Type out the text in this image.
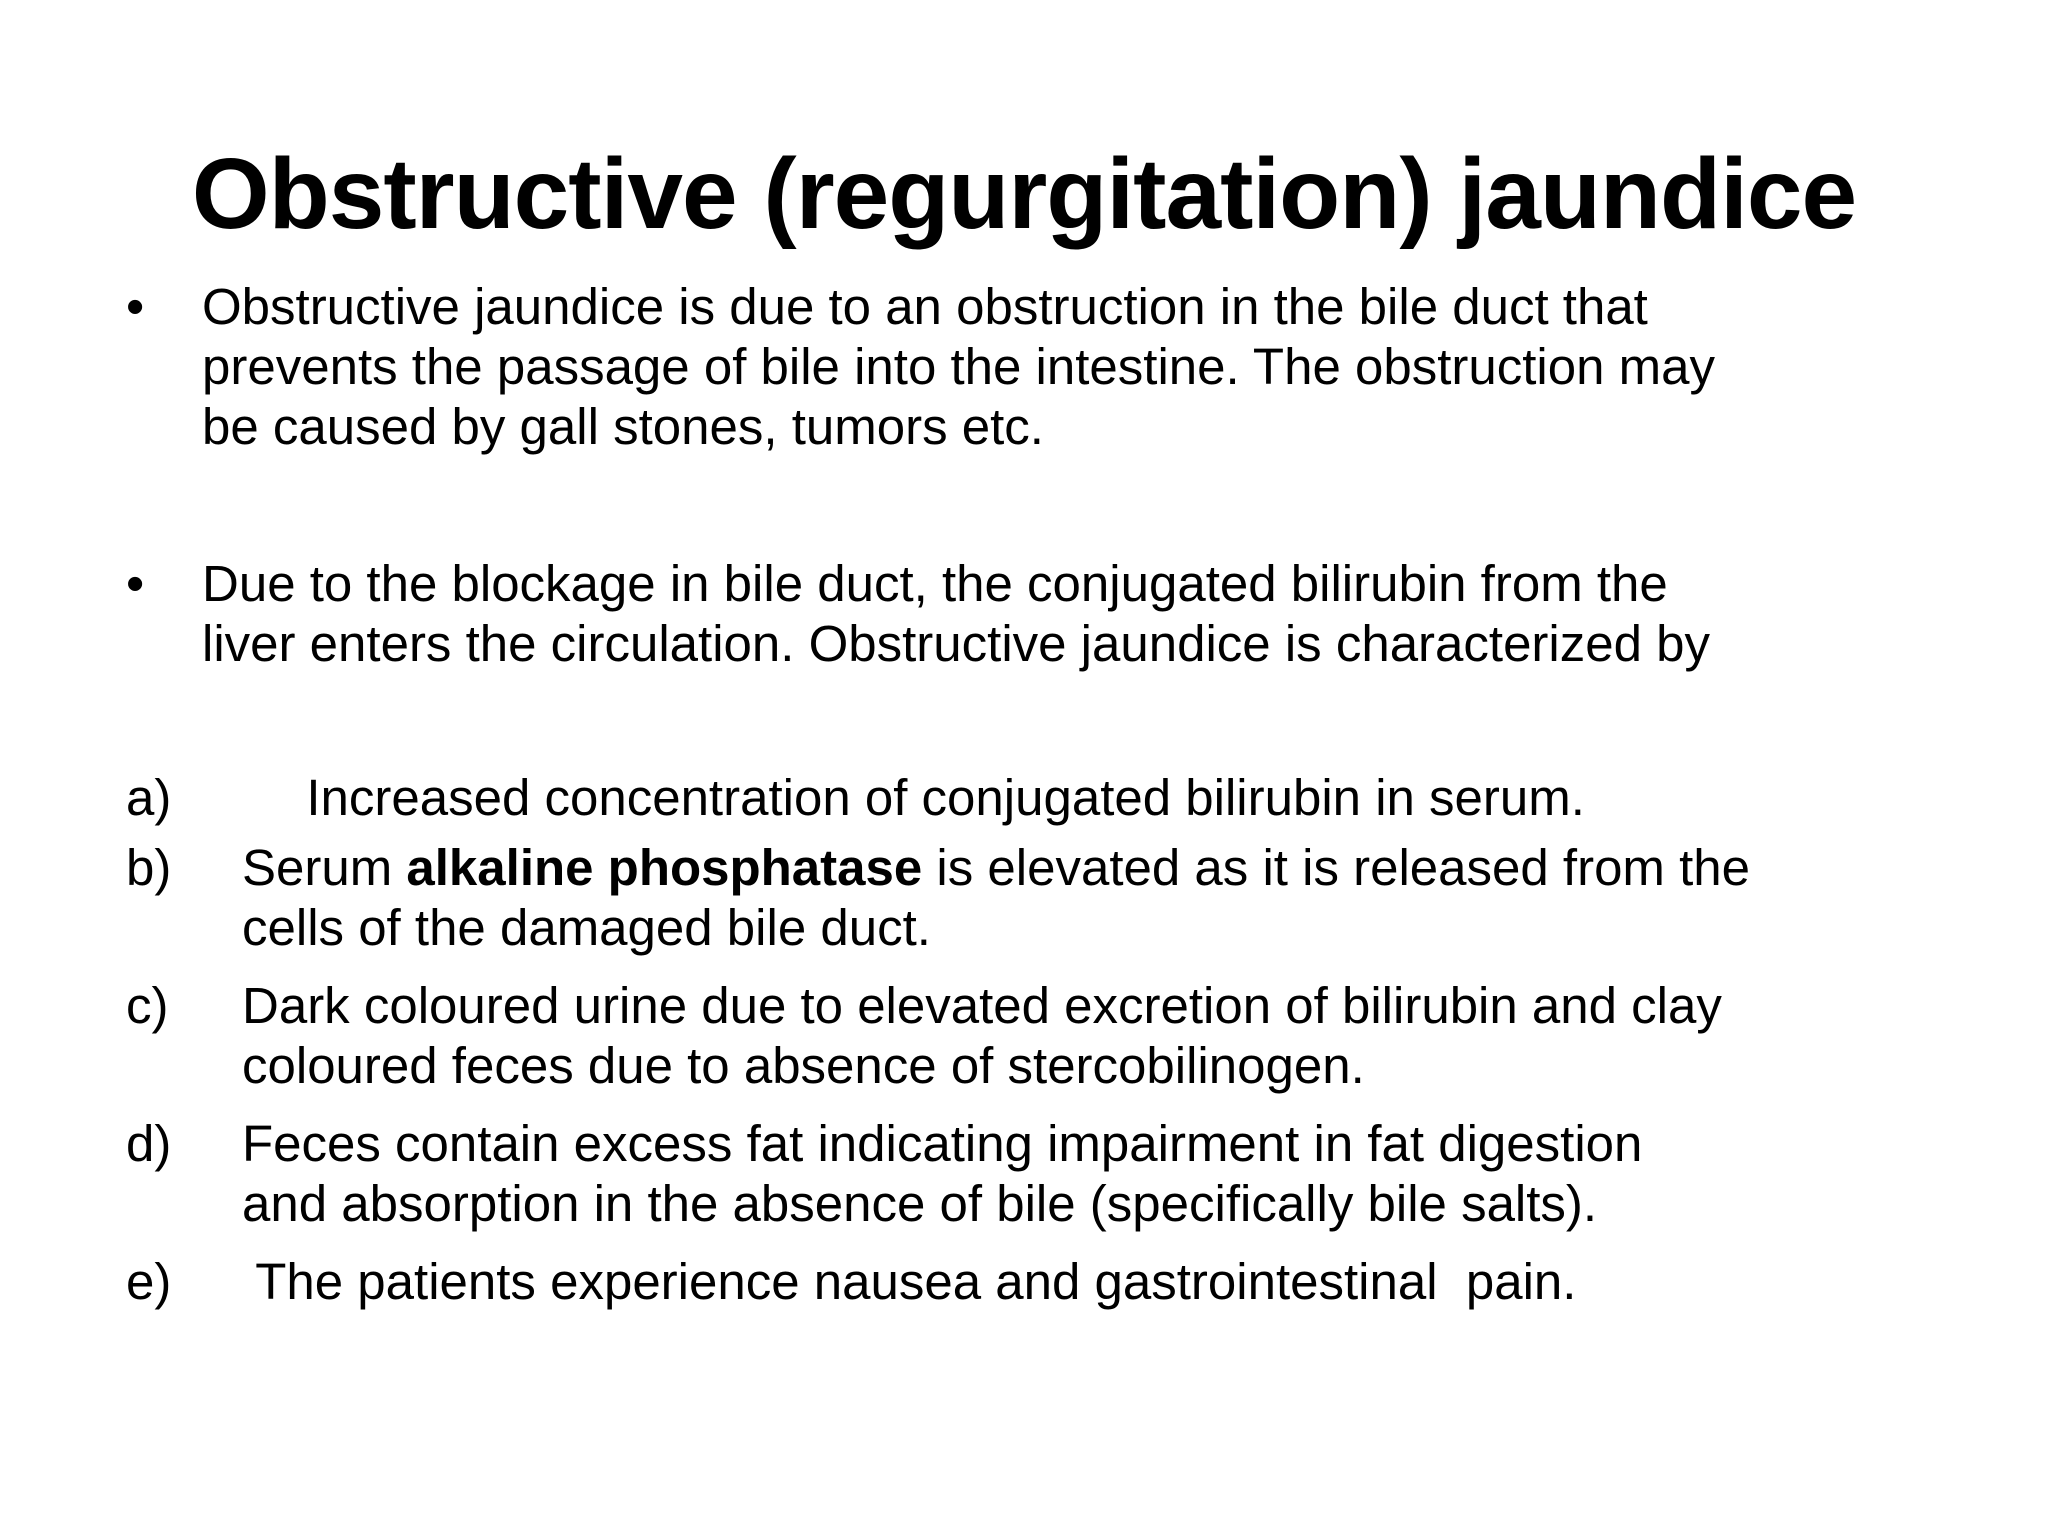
Obstructive (regurgitation) jaundice
• Obstructive jaundice is due to an obstruction in the bile duct that
prevents the passage of bile into the intestine. The obstruction may
be caused by gall stones, tumors etc.
• Due to the blockage in bile duct, the conjugated bilirubin from the
liver enters the circulation. Obstructive jaundice is characterized by
a) Increased concentration of conjugated bilirubin in serum.
b) Serum alkaline phosphatase is elevated as it is released from the
cells of the damaged bile duct.
c) Dark coloured urine due to elevated excretion of bilirubin and clay
coloured feces due to absence of stercobilinogen.
d) Feces contain excess fat indicating impairment in fat digestion
and absorption in the absence of bile (specifically bile salts).
e) The patients experience nausea and gastrointestinal  pain.
